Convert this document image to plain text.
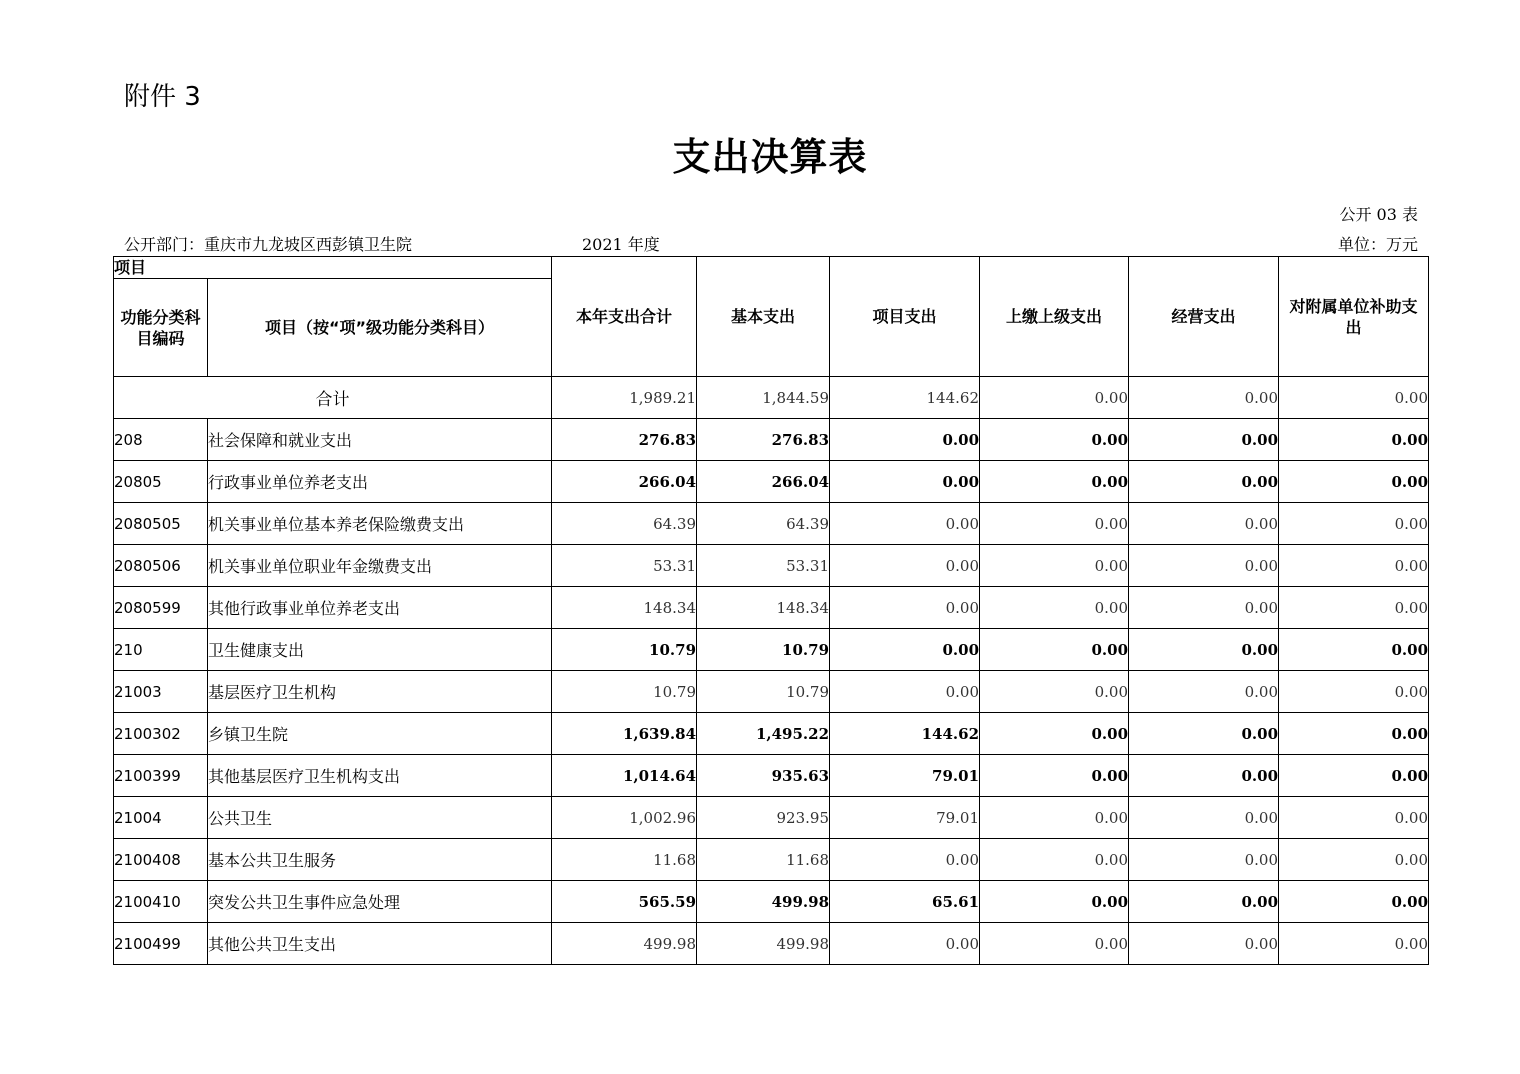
附件 3
支出决算表
公开 03 表
公开部门：重庆市九龙坡区西彭镇卫生院	2021 年度	单位：万元
项目		本年支出合计	基本支出	项目支出	上缴上级支出	经营支出	对附属单位补助支出
功能分类科目编码	项目（按“项”级功能分类科目）						
合计		1,989.21	1,844.59	144.62	0.00	0.00	0.00
208	社会保障和就业支出	276.83	276.83	0.00	0.00	0.00	0.00
20805	行政事业单位养老支出	266.04	266.04	0.00	0.00	0.00	0.00
2080505	机关事业单位基本养老保险缴费支出	64.39	64.39	0.00	0.00	0.00	0.00
2080506	机关事业单位职业年金缴费支出	53.31	53.31	0.00	0.00	0.00	0.00
2080599	其他行政事业单位养老支出	148.34	148.34	0.00	0.00	0.00	0.00
210	卫生健康支出	10.79	10.79	0.00	0.00	0.00	0.00
21003	基层医疗卫生机构	10.79	10.79	0.00	0.00	0.00	0.00
2100302	乡镇卫生院	1,639.84	1,495.22	144.62	0.00	0.00	0.00
2100399	其他基层医疗卫生机构支出	1,014.64	935.63	79.01	0.00	0.00	0.00
21004	公共卫生	1,002.96	923.95	79.01	0.00	0.00	0.00
2100408	基本公共卫生服务	11.68	11.68	0.00	0.00	0.00	0.00
2100410	突发公共卫生事件应急处理	565.59	499.98	65.61	0.00	0.00	0.00
2100499	其他公共卫生支出	499.98	499.98	0.00	0.00	0.00	0.00
